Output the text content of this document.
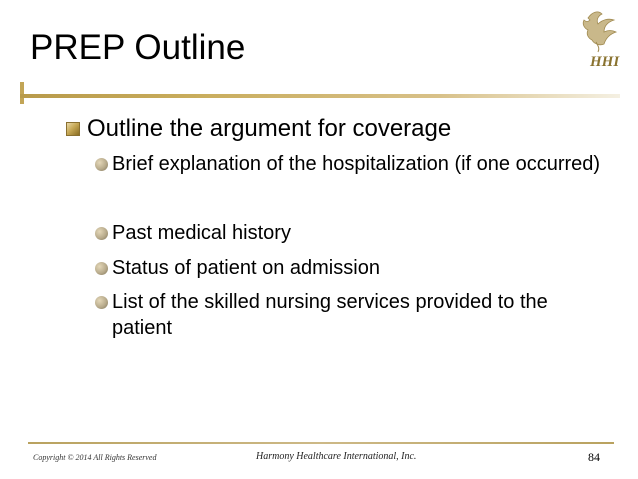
PREP Outline	HHI
Outline the argument for coverage
Brief explanation of the hospitalization (if one occurred)
Past medical history
Status of patient on admission
List of the skilled nursing services provided to the patient
Copyright © 2014 All Rights Reserved	Harmony Healthcare International, Inc.	84
